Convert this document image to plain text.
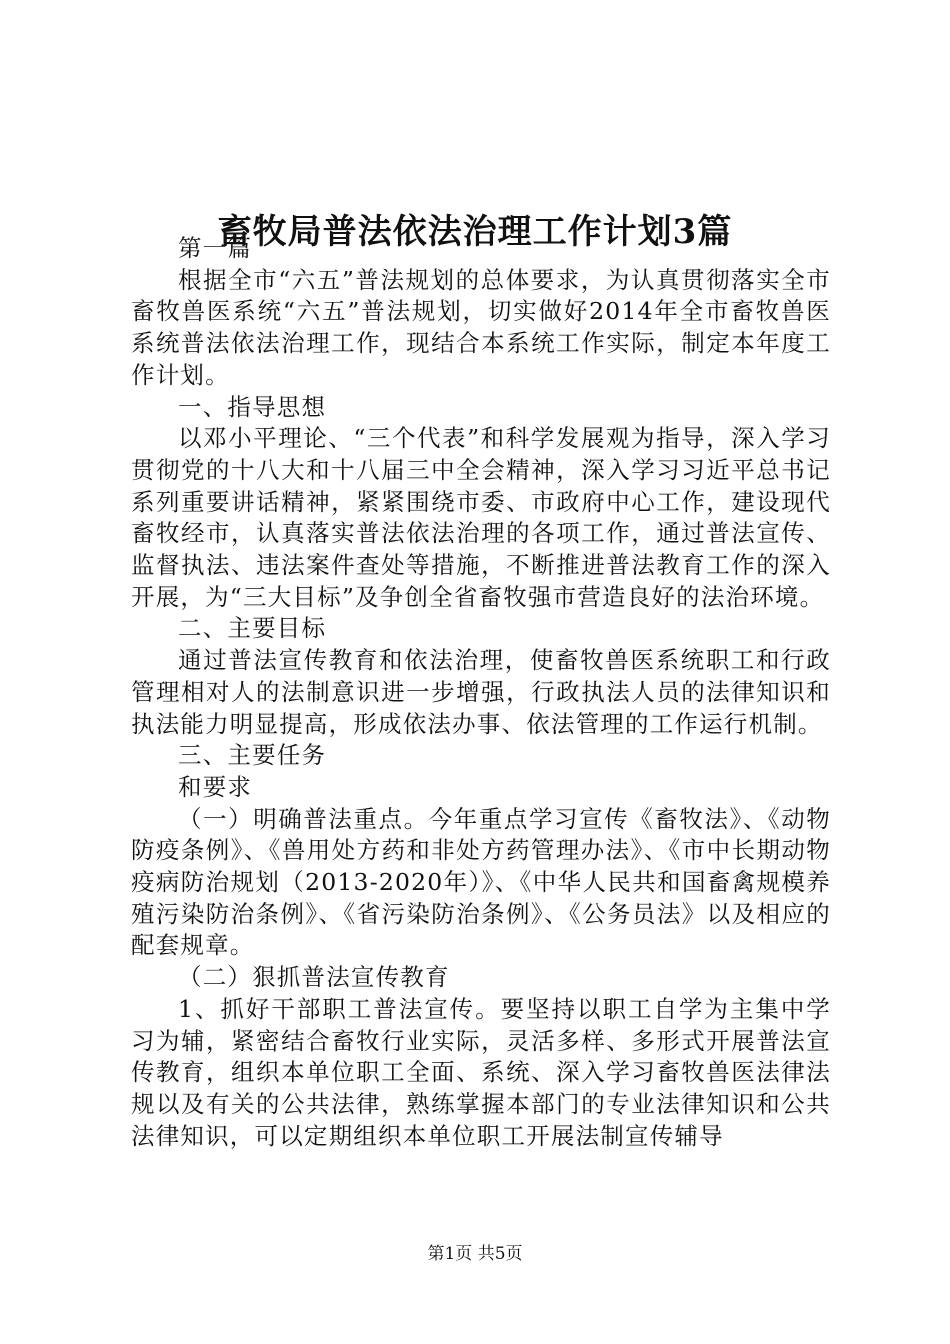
畜牧局普法依法治理工作计划3篇

第一篇

根据全市“六五”普法规划的总体要求，为认真贯彻落实全市畜牧兽医系统“六五”普法规划，切实做好2014年全市畜牧兽医系统普法依法治理工作，现结合本系统工作实际，制定本年度工作计划。

一、指导思想

以邓小平理论、“三个代表”和科学发展观为指导，深入学习贯彻党的十八大和十八届三中全会精神，深入学习习近平总书记系列重要讲话精神，紧紧围绕市委、市政府中心工作，建设现代畜牧经市，认真落实普法依法治理的各项工作，通过普法宣传、监督执法、违法案件查处等措施，不断推进普法教育工作的深入开展，为“三大目标”及争创全省畜牧强市营造良好的法治环境。

二、主要目标

通过普法宣传教育和依法治理，使畜牧兽医系统职工和行政管理相对人的法制意识进一步增强，行政执法人员的法律知识和执法能力明显提高，形成依法办事、依法管理的工作运行机制。

三、主要任务

和要求

（一）明确普法重点。今年重点学习宣传《畜牧法》、《动物防疫条例》、《兽用处方药和非处方药管理办法》、《市中长期动物疫病防治规划（2013-2020年）》、《中华人民共和国畜禽规模养殖污染防治条例》、《省污染防治条例》、《公务员法》以及相应的配套规章。

（二）狠抓普法宣传教育

1、抓好干部职工普法宣传。要坚持以职工自学为主集中学习为辅，紧密结合畜牧行业实际，灵活多样、多形式开展普法宣传教育，组织本单位职工全面、系统、深入学习畜牧兽医法律法规以及有关的公共法律，熟练掌握本部门的专业法律知识和公共法律知识，可以定期组织本单位职工开展法制宣传辅导

第1页 共5页
